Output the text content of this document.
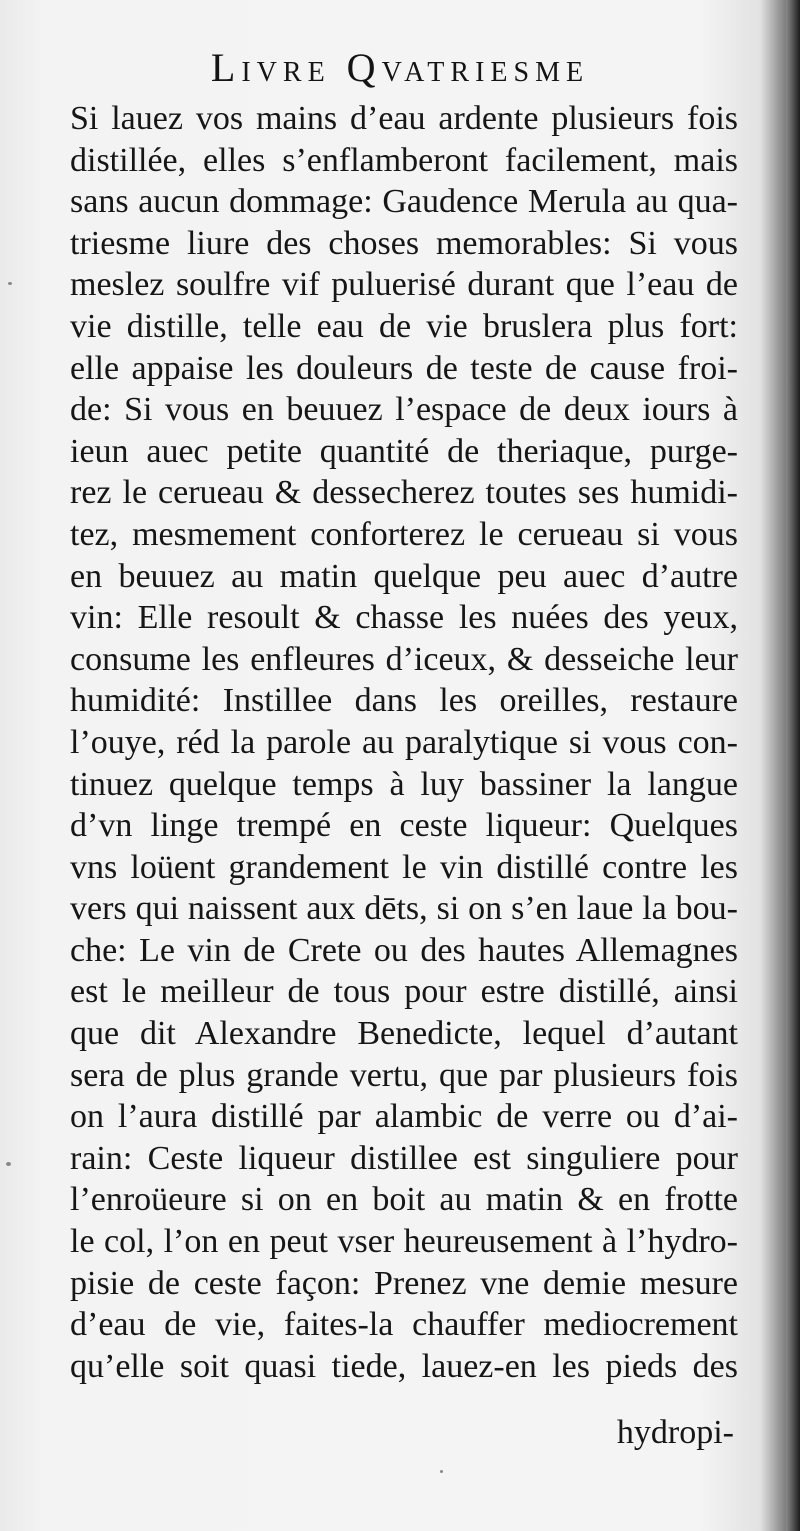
Livre Qvatriesme
Si lauez vos mains d’eau ardente plusieurs fois
distillée, elles s’enflamberont facilement, mais
sans aucun dommage: Gaudence Merula au qua-
triesme liure des choses memorables: Si vous
meslez soulfre vif puluerisé durant que l’eau de
vie distille, telle eau de vie bruslera plus fort:
elle appaise les douleurs de teste de cause froi-
de: Si vous en beuuez l’espace de deux iours à
ieun auec petite quantité de theriaque, purge-
rez le cerueau & dessecherez toutes ses humidi-
tez, mesmement conforterez le cerueau si vous
en beuuez au matin quelque peu auec d’autre
vin: Elle resoult & chasse les nuées des yeux,
consume les enfleures d’iceux, & desseiche leur
humidité: Instillee dans les oreilles, restaure
l’ouye, réd la parole au paralytique si vous con-
tinuez quelque temps à luy bassiner la langue
d’vn linge trempé en ceste liqueur: Quelques
vns loüent grandement le vin distillé contre les
vers qui naissent aux dēts, si on s’en laue la bou-
che: Le vin de Crete ou des hautes Allemagnes
est le meilleur de tous pour estre distillé, ainsi
que dit Alexandre Benedicte, lequel d’autant
sera de plus grande vertu, que par plusieurs fois
on l’aura distillé par alambic de verre ou d’ai-
rain: Ceste liqueur distillee est singuliere pour
l’enroüeure si on en boit au matin & en frotte
le col, l’on en peut vser heureusement à l’hydro-
pisie de ceste façon: Prenez vne demie mesure
d’eau de vie, faites-la chauffer mediocrement
qu’elle soit quasi tiede, lauez-en les pieds des
hydropi-
